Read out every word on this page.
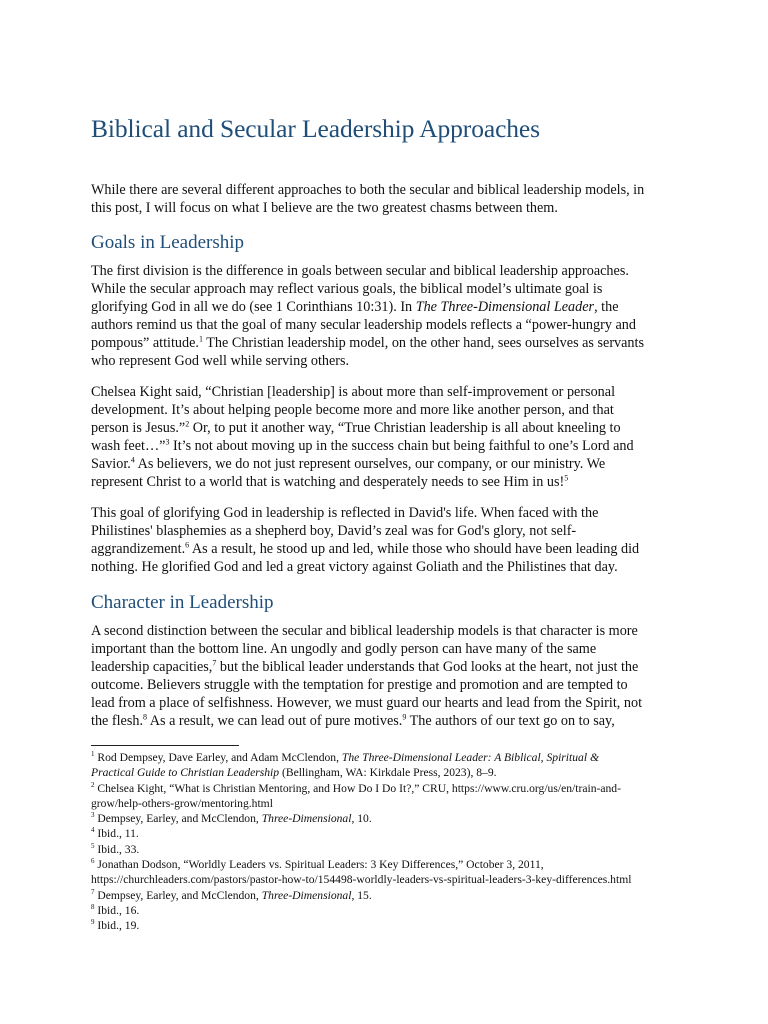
Biblical and Secular Leadership Approaches
While there are several different approaches to both the secular and biblical leadership models, in
this post, I will focus on what I believe are the two greatest chasms between them.
Goals in Leadership
The first division is the difference in goals between secular and biblical leadership approaches.
While the secular approach may reflect various goals, the biblical model’s ultimate goal is
glorifying God in all we do (see 1 Corinthians 10:31). In The Three-Dimensional Leader, the
authors remind us that the goal of many secular leadership models reflects a “power-hungry and
pompous” attitude.$^1$ The Christian leadership model, on the other hand, sees ourselves as servants
who represent God well while serving others.
Chelsea Kight said, “Christian [leadership] is about more than self-improvement or personal
development. It’s about helping people become more and more like another person, and that
person is Jesus.”$^2$ Or, to put it another way, “True Christian leadership is all about kneeling to
wash feet…”$^3$ It’s not about moving up in the success chain but being faithful to one’s Lord and
Savior.$^4$ As believers, we do not just represent ourselves, our company, or our ministry. We
represent Christ to a world that is watching and desperately needs to see Him in us!$^5$
This goal of glorifying God in leadership is reflected in David's life. When faced with the
Philistines' blasphemies as a shepherd boy, David’s zeal was for God's glory, not self-
aggrandizement.$^6$ As a result, he stood up and led, while those who should have been leading did
nothing. He glorified God and led a great victory against Goliath and the Philistines that day.
Character in Leadership
A second distinction between the secular and biblical leadership models is that character is more
important than the bottom line. An ungodly and godly person can have many of the same
leadership capacities,$^7$ but the biblical leader understands that God looks at the heart, not just the
outcome. Believers struggle with the temptation for prestige and promotion and are tempted to
lead from a place of selfishness. However, we must guard our hearts and lead from the Spirit, not
the flesh.$^8$ As a result, we can lead out of pure motives.$^9$ The authors of our text go on to say,
$^1$ Rod Dempsey, Dave Earley, and Adam McClendon, The Three-Dimensional Leader: A Biblical, Spiritual &
Practical Guide to Christian Leadership (Bellingham, WA: Kirkdale Press, 2023), 8–9.
$^2$ Chelsea Kight, “What is Christian Mentoring, and How Do I Do It?,” CRU, https://www.cru.org/us/en/train-and-
grow/help-others-grow/mentoring.html
$^3$ Dempsey, Earley, and McClendon, Three-Dimensional, 10.
$^4$ Ibid., 11.
$^5$ Ibid., 33.
$^6$ Jonathan Dodson, “Worldly Leaders vs. Spiritual Leaders: 3 Key Differences,” October 3, 2011,
https://churchleaders.com/pastors/pastor-how-to/154498-worldly-leaders-vs-spiritual-leaders-3-key-differences.html
$^7$ Dempsey, Earley, and McClendon, Three-Dimensional, 15.
$^8$ Ibid., 16.
$^9$ Ibid., 19.
